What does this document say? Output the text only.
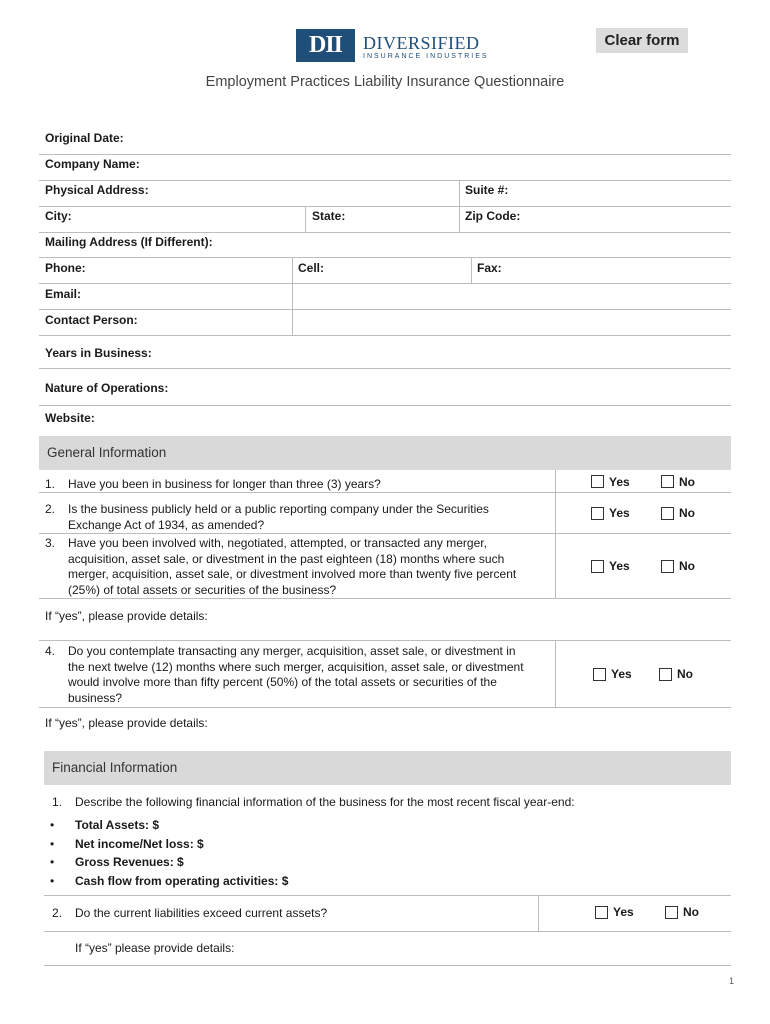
DII	DIVERSIFIED
INSURANCE INDUSTRIES
Clear form
Employment Practices Liability Insurance Questionnaire
Original Date:
Company Name:
Physical Address:	Suite #:
City:	State:	Zip Code:
Mailing Address (If Different):
Phone:	Cell:	Fax:
Email:
Contact Person:
Years in Business:
Nature of Operations:
Website:
General Information
1. Have you been in business for longer than three (3) years?	Yes	No
2. Is the business publicly held or a public reporting company under the Securities
Exchange Act of 1934, as amended?
Yes	No
3. Have you been involved with, negotiated, attempted, or transacted any merger,
acquisition, asset sale, or divestment in the past eighteen (18) months where such
merger, acquisition, asset sale, or divestment involved more than twenty five percent
(25%) of total assets or securities of the business?
Yes	No
If “yes”, please provide details:
4. Do you contemplate transacting any merger, acquisition, asset sale, or divestment in
the next twelve (12) months where such merger, acquisition, asset sale, or divestment
would involve more than fifty percent (50%) of the total assets or securities of the
business?
Yes	No
If “yes”, please provide details:
Financial Information
1. Describe the following financial information of the business for the most recent fiscal year-end:
• Total Assets: $
• Net income/Net loss: $
• Gross Revenues: $
• Cash flow from operating activities: $
2. Do the current liabilities exceed current assets?	Yes	No
If “yes” please provide details:
1
